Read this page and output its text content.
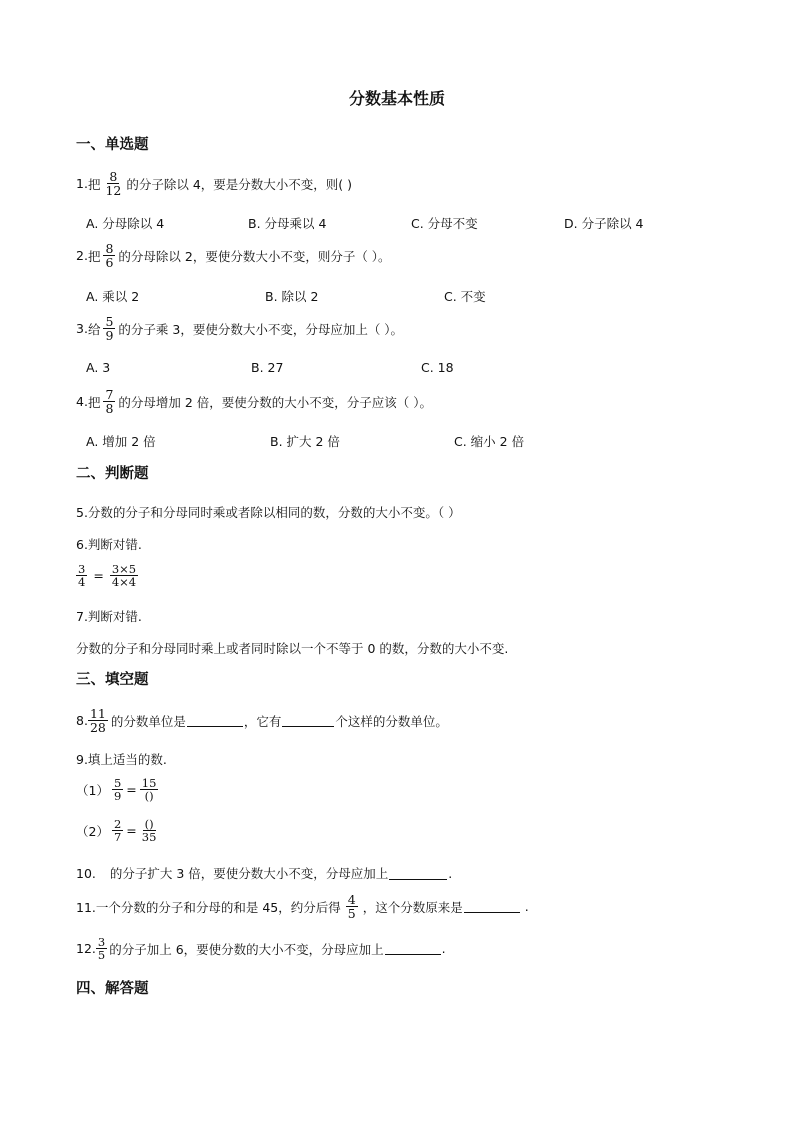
分数基本性质
一、单选题
1. 把 $\frac{8}{12}$ 的分子除以 4，要是分数大小不变，则( )
A. 分母除以 4	B. 分母乘以 4	C. 分母不变	D. 分子除以 4
2. 把 $\frac{8}{6}$ 的分母除以 2，要使分数大小不变，则分子（ ）。
A. 乘以 2	B. 除以 2	C. 不变
3. 给 $\frac{5}{9}$ 的分子乘 3，要使分数大小不变，分母应加上（ ）。
A. 3	B. 27	C. 18
4. 把 $\frac{7}{8}$ 的分母增加 2 倍，要使分数的大小不变，分子应该（ ）。
A. 增加 2 倍	B. 扩大 2 倍	C. 缩小 2 倍
二、判断题
5.分数的分子和分母同时乘或者除以相同的数，分数的大小不变。（ ）
6.判断对错.
$\frac{3}{4} = \frac{3\times 5}{4\times 4}$
7.判断对错.
分数的分子和分母同时乘上或者同时除以一个不等于 0 的数，分数的大小不变.
三、填空题
8. $\frac{11}{28}$ 的分数单位是	，它有	个这样的分数单位。
9.填上适当的数.
$(1) \frac{5}{9} = \frac{15}{()}$
$(2) \frac{2}{7} = \frac{()}{35}$
10. 的分子扩大 3 倍，要使分数大小不变，分母应加上	.
11.一个分数的分子和分母的和是 45，约分后得 $\frac{4}{5}$ ，这个分数原来是	.
12. $\frac{3}{5}$ 的分子加上 6，要使分数的大小不变，分母应加上	.
四、解答题
